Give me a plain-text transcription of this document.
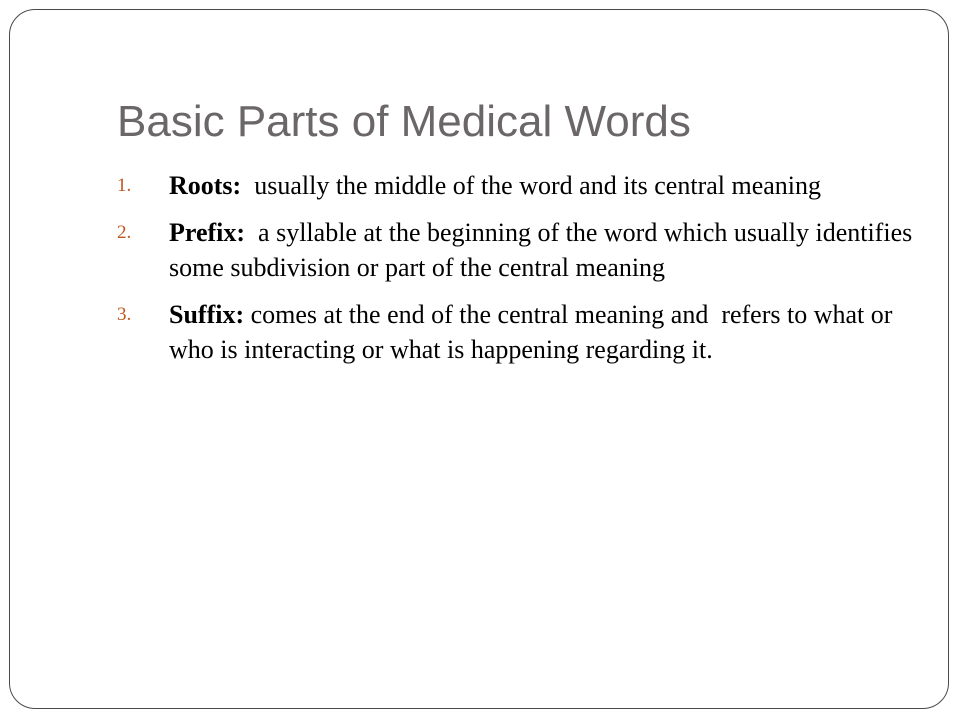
Basic Parts of Medical Words
1. Roots:  usually the middle of the word and its central meaning
2. Prefix:  a syllable at the beginning of the word which usually identifies some subdivision or part of the central meaning
3. Suffix: comes at the end of the central meaning and  refers to what or who is interacting or what is happening regarding it.
